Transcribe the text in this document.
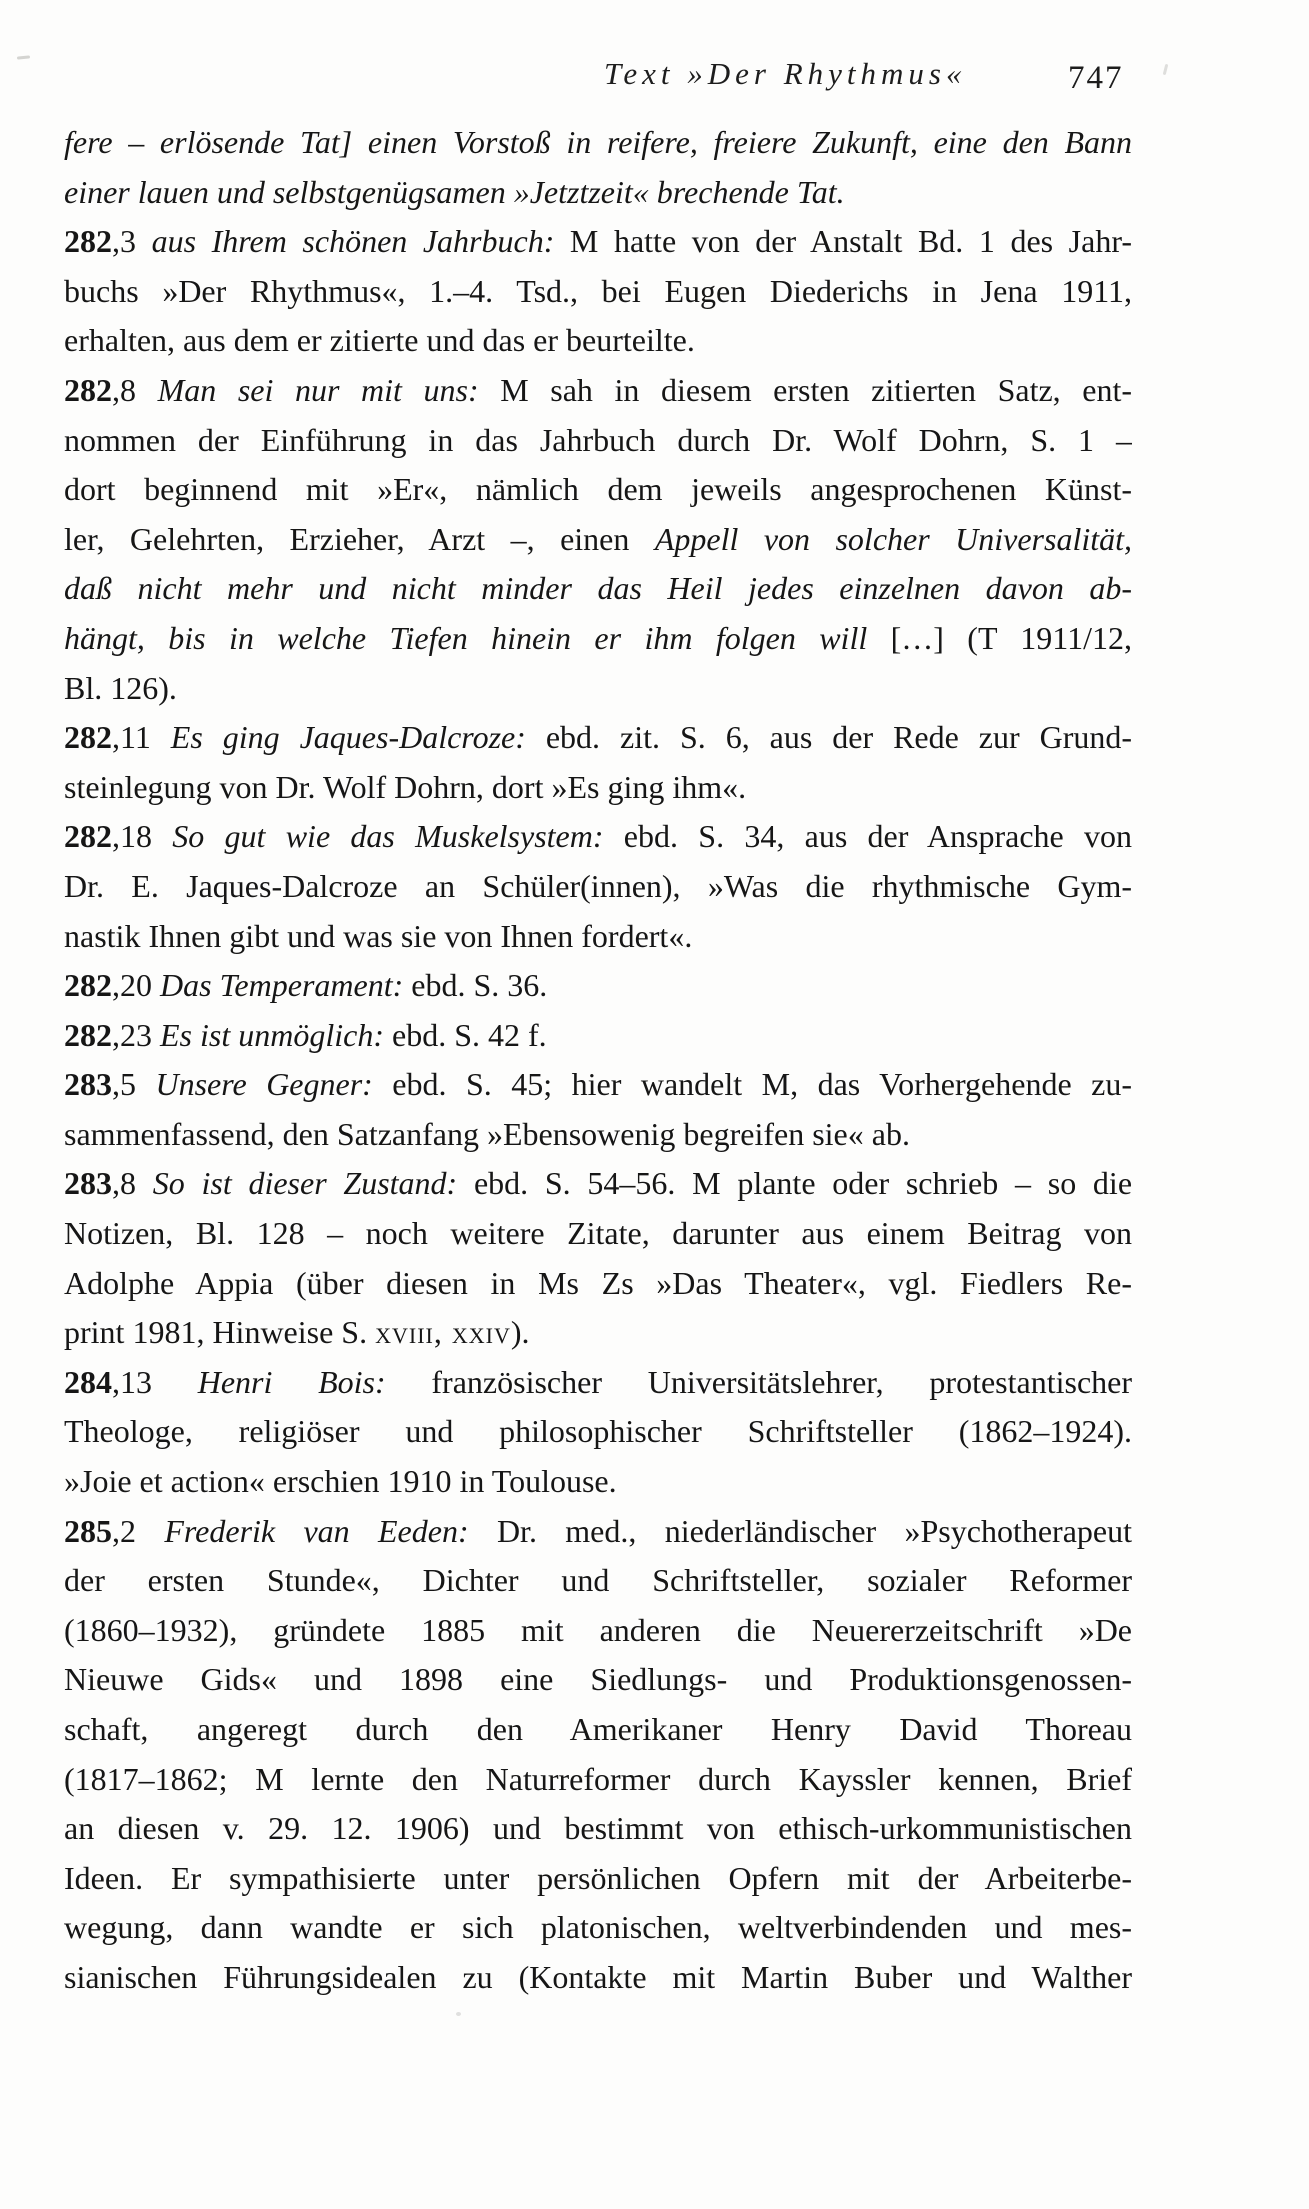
Text »Der Rhythmus«	747
fere – erlösende Tat] einen Vorstoß in reifere, freiere Zukunft, eine den Bann
einer lauen und selbstgenügsamen »Jetztzeit« brechende Tat.
282,3 aus Ihrem schönen Jahrbuch: M hatte von der Anstalt Bd. 1 des Jahr-
buchs »Der Rhythmus«, 1.–4. Tsd., bei Eugen Diederichs in Jena 1911,
erhalten, aus dem er zitierte und das er beurteilte.
282,8 Man sei nur mit uns: M sah in diesem ersten zitierten Satz, ent-
nommen der Einführung in das Jahrbuch durch Dr. Wolf Dohrn, S. 1 –
dort beginnend mit »Er«, nämlich dem jeweils angesprochenen Künst-
ler, Gelehrten, Erzieher, Arzt –, einen Appell von solcher Universalität,
daß nicht mehr und nicht minder das Heil jedes einzelnen davon ab-
hängt, bis in welche Tiefen hinein er ihm folgen will […] (T 1911/12,
Bl. 126).
282,11 Es ging Jaques-Dalcroze: ebd. zit. S. 6, aus der Rede zur Grund-
steinlegung von Dr. Wolf Dohrn, dort »Es ging ihm«.
282,18 So gut wie das Muskelsystem: ebd. S. 34, aus der Ansprache von
Dr. E. Jaques-Dalcroze an Schüler(innen), »Was die rhythmische Gym-
nastik Ihnen gibt und was sie von Ihnen fordert«.
282,20 Das Temperament: ebd. S. 36.
282,23 Es ist unmöglich: ebd. S. 42 f.
283,5 Unsere Gegner: ebd. S. 45; hier wandelt M, das Vorhergehende zu-
sammenfassend, den Satzanfang »Ebensowenig begreifen sie« ab.
283,8 So ist dieser Zustand: ebd. S. 54–56. M plante oder schrieb – so die
Notizen, Bl. 128 – noch weitere Zitate, darunter aus einem Beitrag von
Adolphe Appia (über diesen in Ms Zs »Das Theater«, vgl. Fiedlers Re-
print 1981, Hinweise S. xviii, xxiv).
284,13 Henri Bois: französischer Universitätslehrer, protestantischer
Theologe, religiöser und philosophischer Schriftsteller (1862–1924).
»Joie et action« erschien 1910 in Toulouse.
285,2 Frederik van Eeden: Dr. med., niederländischer »Psychotherapeut
der ersten Stunde«, Dichter und Schriftsteller, sozialer Reformer
(1860–1932), gründete 1885 mit anderen die Neuererzeitschrift »De
Nieuwe Gids« und 1898 eine Siedlungs- und Produktionsgenossen-
schaft, angeregt durch den Amerikaner Henry David Thoreau
(1817–1862; M lernte den Naturreformer durch Kayssler kennen, Brief
an diesen v. 29. 12. 1906) und bestimmt von ethisch-urkommunistischen
Ideen. Er sympathisierte unter persönlichen Opfern mit der Arbeiterbe-
wegung, dann wandte er sich platonischen, weltverbindenden und mes-
sianischen Führungsidealen zu (Kontakte mit Martin Buber und Walther
